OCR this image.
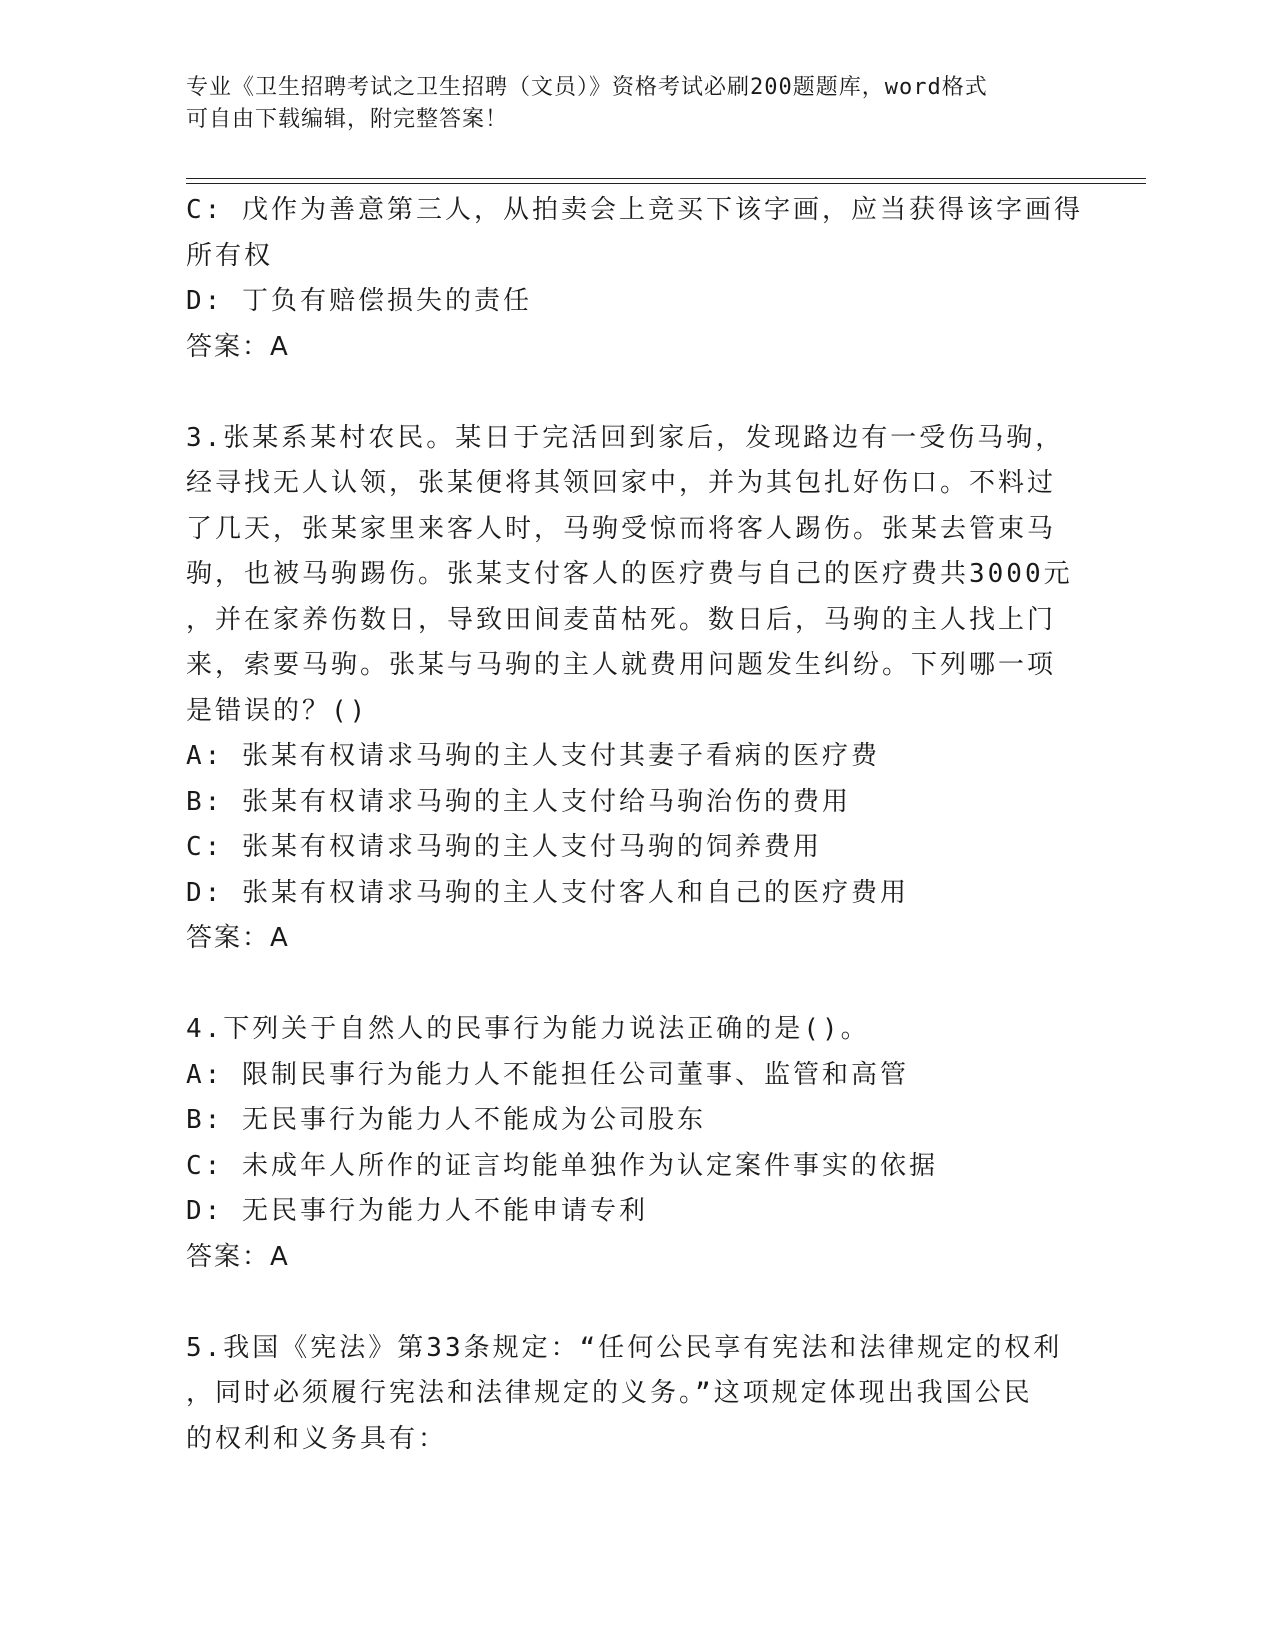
专业《卫生招聘考试之卫生招聘（文员）》资格考试必刷200题题库，word格式
可自由下载编辑，附完整答案！
C: 戊作为善意第三人，从拍卖会上竞买下该字画，应当获得该字画得
所有权
D: 丁负有赔偿损失的责任
答案：A
3.张某系某村农民。某日于完活回到家后，发现路边有一受伤马驹，
经寻找无人认领，张某便将其领回家中，并为其包扎好伤口。不料过
了几天，张某家里来客人时，马驹受惊而将客人踢伤。张某去管束马
驹，也被马驹踢伤。张某支付客人的医疗费与自己的医疗费共3000元
，并在家养伤数日，导致田间麦苗枯死。数日后，马驹的主人找上门
来，索要马驹。张某与马驹的主人就费用问题发生纠纷。下列哪一项
是错误的？()
A: 张某有权请求马驹的主人支付其妻子看病的医疗费
B: 张某有权请求马驹的主人支付给马驹治伤的费用
C: 张某有权请求马驹的主人支付马驹的饲养费用
D: 张某有权请求马驹的主人支付客人和自己的医疗费用
答案：A
4.下列关于自然人的民事行为能力说法正确的是()。
A: 限制民事行为能力人不能担任公司董事、监管和高管
B: 无民事行为能力人不能成为公司股东
C: 未成年人所作的证言均能单独作为认定案件事实的依据
D: 无民事行为能力人不能申请专利
答案：A
5.我国《宪法》第33条规定：“任何公民享有宪法和法律规定的权利
，同时必须履行宪法和法律规定的义务。”这项规定体现出我国公民
的权利和义务具有：
